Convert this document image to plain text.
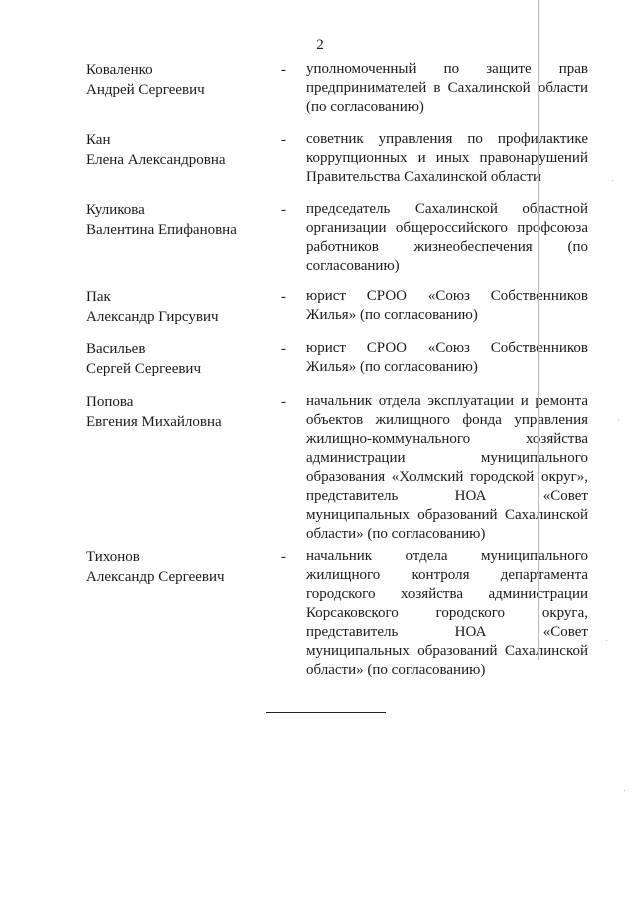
2
Коваленко
Андрей Сергеевич
- уполномоченный по защите прав предпринимателей в Сахалинской области (по согласованию)
Кан
Елена Александровна
- советник управления по профилактике коррупционных и иных правонарушений Правительства Сахалинской области
Куликова
Валентина Епифановна
- председатель Сахалинской областной организации общероссийского профсоюза работников жизнеобеспечения (по согласованию)
Пак
Александр Гирсувич
- юрист СРОО «Союз Собственников Жилья» (по согласованию)
Васильев
Сергей Сергеевич
- юрист СРОО «Союз Собственников Жилья» (по согласованию)
Попова
Евгения Михайловна
- начальник отдела эксплуатации и ремонта объектов жилищного фонда управления жилищно-коммунального хозяйства администрации муниципального образования «Холмский городской округ», представитель НОА «Совет муниципальных образований Сахалинской области» (по согласованию)
Тихонов
Александр Сергеевич
- начальник отдела муниципального жилищного контроля департамента городского хозяйства администрации Корсаковского городского округа, представитель НОА «Совет муниципальных образований Сахалинской области» (по согласованию)
